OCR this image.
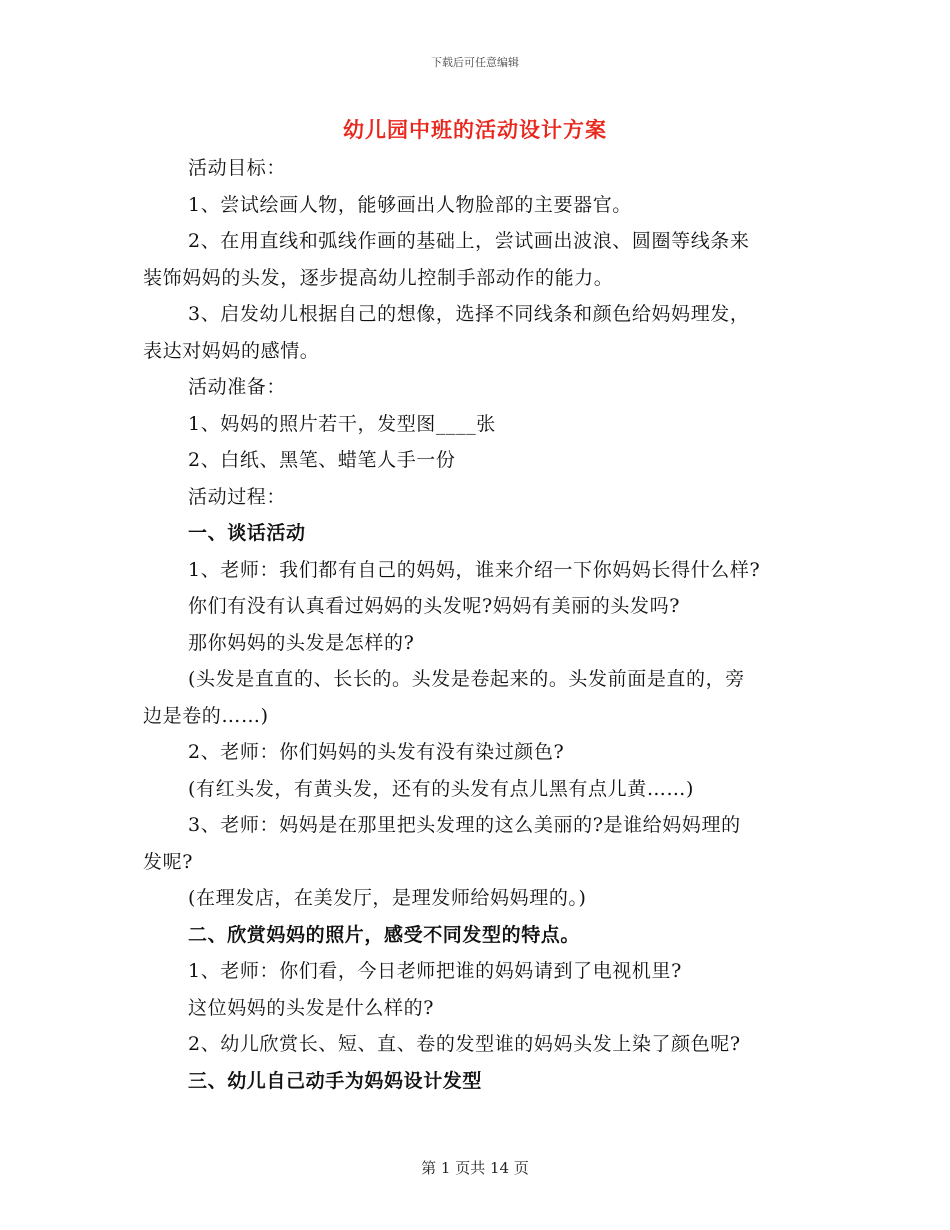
下载后可任意编辑
幼儿园中班的活动设计方案
活动目标：
1、尝试绘画人物，能够画出人物脸部的主要器官。
2、在用直线和弧线作画的基础上，尝试画出波浪、圆圈等线条来
装饰妈妈的头发，逐步提高幼儿控制手部动作的能力。
3、启发幼儿根据自己的想像，选择不同线条和颜色给妈妈理发，
表达对妈妈的感情。
活动准备：
1、妈妈的照片若干，发型图____张
2、白纸、黑笔、蜡笔人手一份
活动过程：
一、谈话活动
1、老师：我们都有自己的妈妈，谁来介绍一下你妈妈长得什么样?
你们有没有认真看过妈妈的头发呢?妈妈有美丽的头发吗?
那你妈妈的头发是怎样的?
(头发是直直的、长长的。头发是卷起来的。头发前面是直的，旁
边是卷的……)
2、老师：你们妈妈的头发有没有染过颜色?
(有红头发，有黄头发，还有的头发有点儿黑有点儿黄……)
3、老师：妈妈是在那里把头发理的这么美丽的?是谁给妈妈理的
发呢?
(在理发店，在美发厅，是理发师给妈妈理的。)
二、欣赏妈妈的照片，感受不同发型的特点。
1、老师：你们看，今日老师把谁的妈妈请到了电视机里?
这位妈妈的头发是什么样的?
2、幼儿欣赏长、短、直、卷的发型谁的妈妈头发上染了颜色呢?
三、幼儿自己动手为妈妈设计发型
第 1 页共 14 页
